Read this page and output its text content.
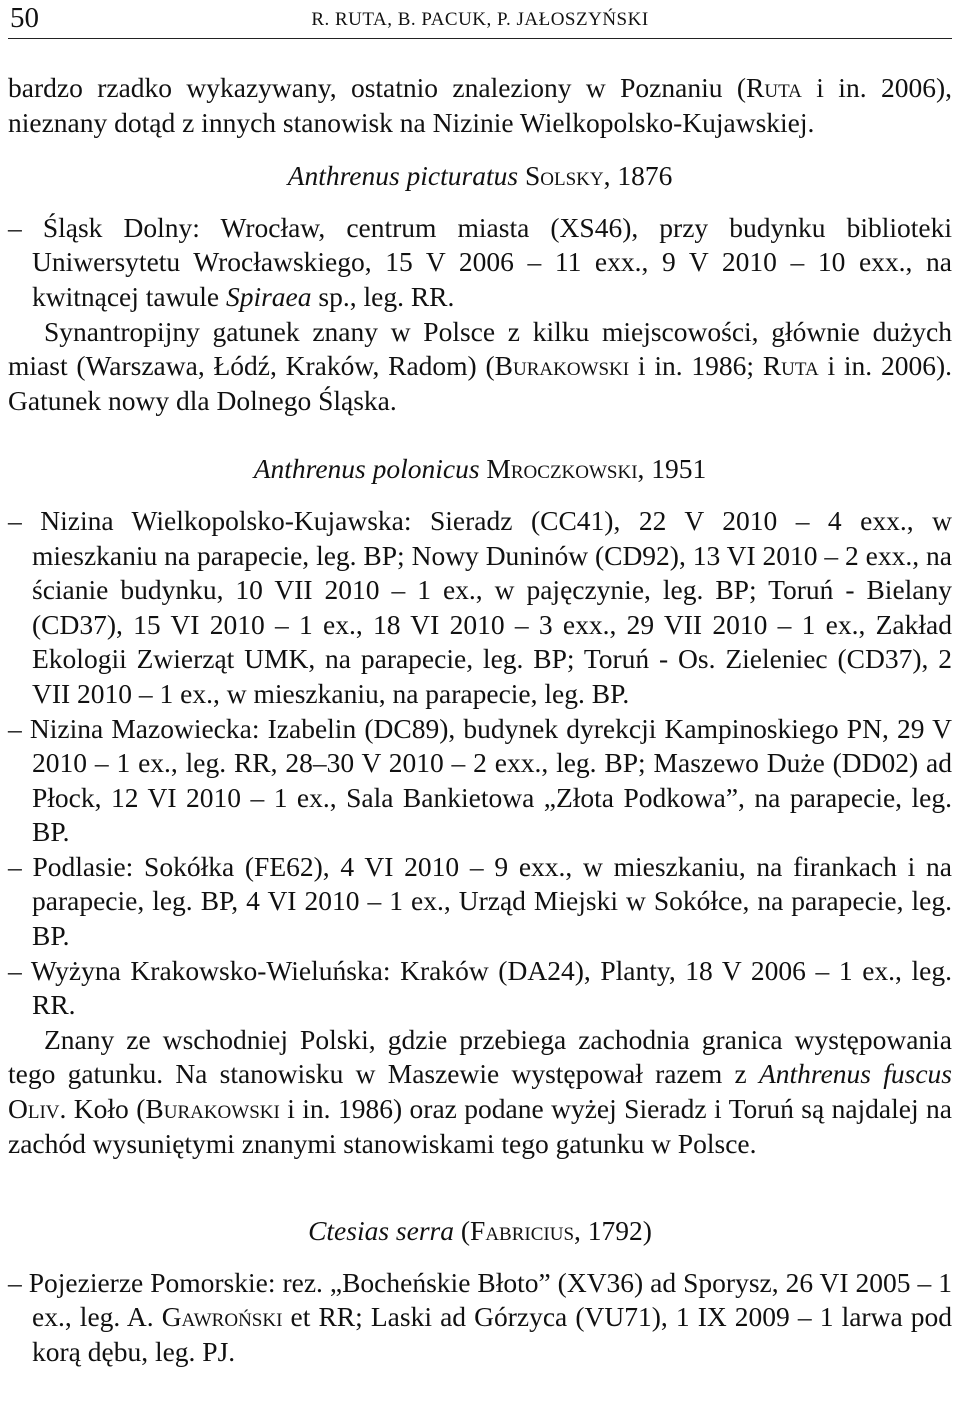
50	R. RUTA, B. PACUK, P. JAŁOSZYŃSKI

bardzo rzadko wykazywany, ostatnio znaleziony w Poznaniu (Ruta i in. 2006), nieznany dotąd z innych stanowisk na Nizinie Wielkopolsko-Kujawskiej.

Anthrenus picturatus Solsky, 1876

– Śląsk Dolny: Wrocław, centrum miasta (XS46), przy budynku biblioteki Uniwersytetu Wrocławskiego, 15 V 2006 – 11 exx., 9 V 2010 – 10 exx., na kwitnącej tawule Spiraea sp., leg. RR.

Synantropijny gatunek znany w Polsce z kilku miejscowości, głównie dużych miast (Warszawa, Łódź, Kraków, Radom) (Burakowski i in. 1986; Ruta i in. 2006). Gatunek nowy dla Dolnego Śląska.

Anthrenus polonicus Mroczkowski, 1951

– Nizina Wielkopolsko-Kujawska: Sieradz (CC41), 22 V 2010 – 4 exx., w mieszkaniu na parapecie, leg. BP; Nowy Duninów (CD92), 13 VI 2010 – 2 exx., na ścianie budynku, 10 VII 2010 – 1 ex., w pajęczynie, leg. BP; Toruń - Bielany (CD37), 15 VI 2010 – 1 ex., 18 VI 2010 – 3 exx., 29 VII 2010 – 1 ex., Zakład Ekologii Zwierząt UMK, na parapecie, leg. BP; Toruń - Os. Zieleniec (CD37), 2 VII 2010 – 1 ex., w mieszkaniu, na parapecie, leg. BP.

– Nizina Mazowiecka: Izabelin (DC89), budynek dyrekcji Kampinoskiego PN, 29 V 2010 – 1 ex., leg. RR, 28–30 V 2010 – 2 exx., leg. BP; Maszewo Duże (DD02) ad Płock, 12 VI 2010 – 1 ex., Sala Bankietowa „Złota Podkowa”, na parapecie, leg. BP.

– Podlasie: Sokółka (FE62), 4 VI 2010 – 9 exx., w mieszkaniu, na firankach i na parapecie, leg. BP, 4 VI 2010 – 1 ex., Urząd Miejski w Sokółce, na parapecie, leg. BP.

– Wyżyna Krakowsko-Wieluńska: Kraków (DA24), Planty, 18 V 2006 – 1 ex., leg. RR.

Znany ze wschodniej Polski, gdzie przebiega zachodnia granica występowania tego gatunku. Na stanowisku w Maszewie występował razem z Anthrenus fuscus Oliv. Koło (Burakowski i in. 1986) oraz podane wyżej Sieradz i Toruń są najdalej na zachód wysuniętymi znanymi stanowiskami tego gatunku w Polsce.

Ctesias serra (Fabricius, 1792)

– Pojezierze Pomorskie: rez. „Bocheńskie Błoto” (XV36) ad Sporysz, 26 VI 2005 – 1 ex., leg. A. Gawroński et RR; Laski ad Górzyca (VU71), 1 IX 2009 – 1 larwa pod korą dębu, leg. PJ.
